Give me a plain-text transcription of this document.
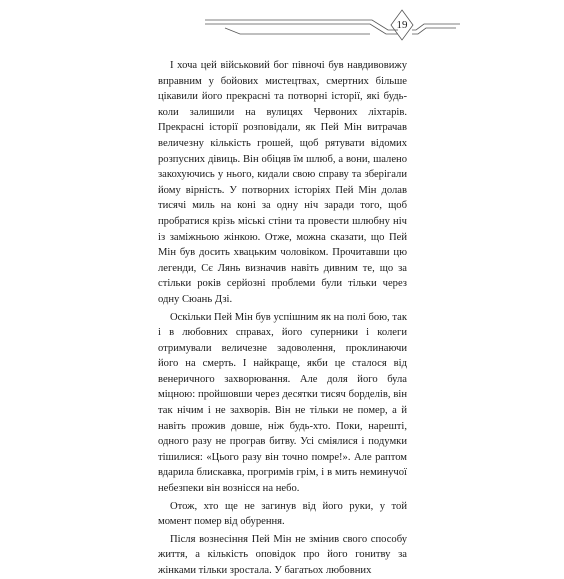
19

І хоча цей військовий бог півночі був навдивовижу вправним у бойових мистецтвах, смертних більше цікавили його прекрасні та потворні історії, які будь-коли залишили на вулицях Червоних ліхтарів. Прекрасні історії розповідали, як Пей Мін витрачав величезну кількість грошей, щоб рятувати відомих розпусних дівиць. Він обіцяв їм шлюб, а вони, шалено закохуючись у нього, кидали свою справу та зберігали йому вірність. У потворних історіях Пей Мін долав тисячі миль на коні за одну ніч заради того, щоб пробратися крізь міські стіни та провести шлюбну ніч із заміжньою жінкою. Отже, можна сказати, що Пей Мін був досить хвацьким чоловіком. Прочитавши цю легенди, Сє Лянь визначив навіть дивним те, що за стільки років серйозні проблеми були тільки через одну Сюань Дзі.

Оскільки Пей Мін був успішним як на полі бою, так і в любовних справах, його суперники і колеги отримували величезне задоволення, проклинаючи його на смерть. І найкраще, якби це сталося від венеричного захворювання. Але доля його була міцною: пройшовши через десятки тисяч борделів, він так нічим і не захворів. Він не тільки не помер, а й навіть прожив довше, ніж будь-хто. Поки, нарешті, одного разу не програв битву. Усі сміялися і подумки тішилися: «Цього разу він точно помре!». Але раптом вдарила блискавка, прогримів грім, і в мить неминучої небезпеки він вознісся на небо.

Отож, хто ще не загинув від його руки, у той момент помер від обурення.

Після вознесіння Пей Мін не змінив свого способу життя, а кількість оповідок про його гонитву за жінками тільки зростала. У багатьох любовних
